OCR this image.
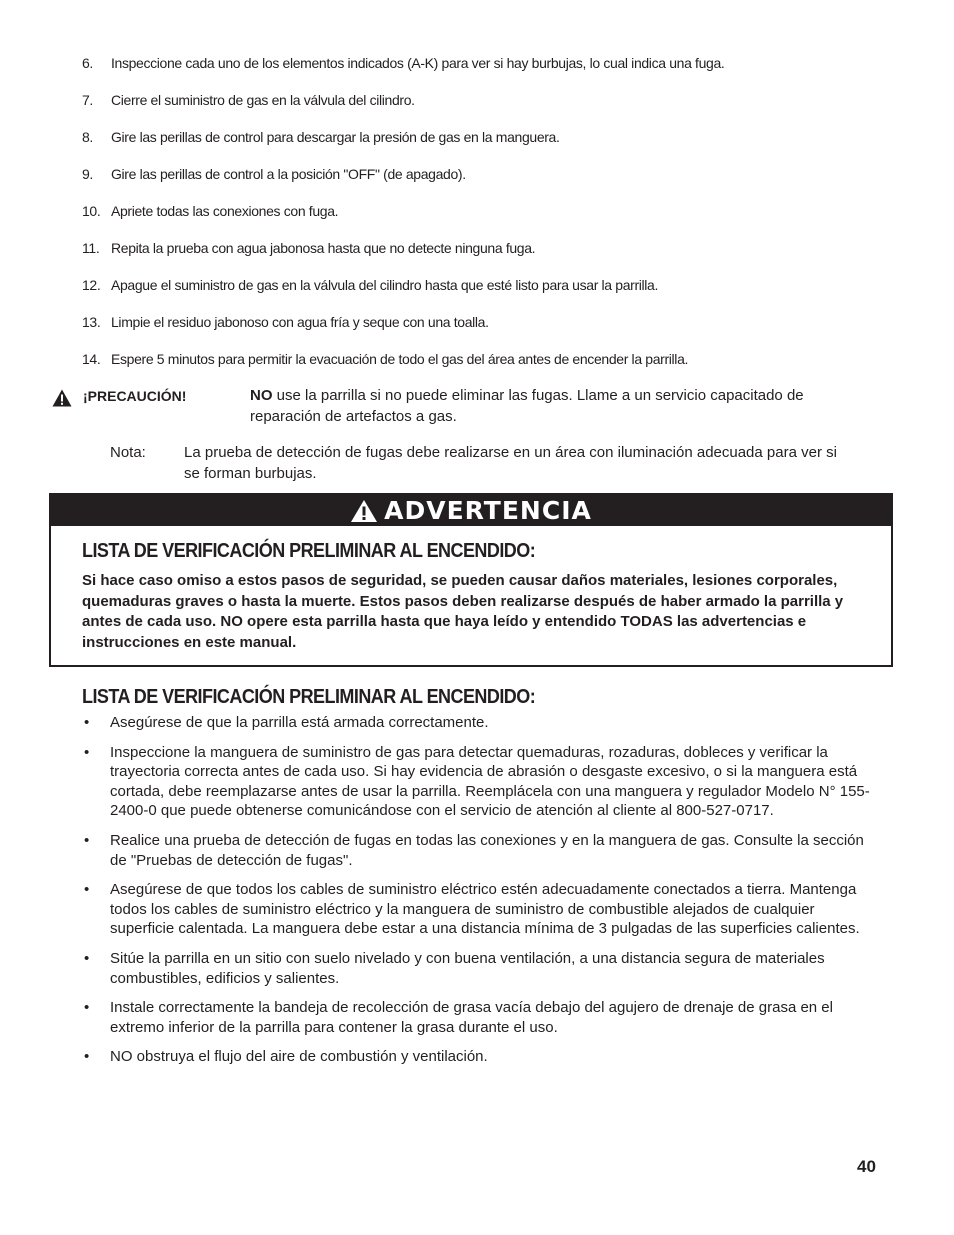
6.	Inspeccione cada uno de los elementos indicados (A-K) para ver si hay burbujas, lo cual indica una fuga.
7.	Cierre el suministro de gas en la válvula del cilindro.
8.	Gire las perillas de control para descargar la presión de gas en la manguera.
9.	Gire las perillas de control a la posición "OFF" (de apagado).
10. Apriete todas las conexiones con fuga.
11. Repita la prueba con agua jabonosa hasta que no detecte ninguna fuga.
12. Apague el suministro de gas en la válvula del cilindro hasta que esté listo para usar la parrilla.
13. Limpie el residuo jabonoso con agua fría y seque con una toalla.
14. Espere 5 minutos para permitir la evacuación de todo el gas del área antes de encender la parrilla.
¡PRECAUCIÓN!	NO use la parrilla si no puede eliminar las fugas. Llame a un servicio capacitado de reparación de artefactos a gas.
Nota:	La prueba de detección de fugas debe realizarse en un área con iluminación adecuada para ver si se forman burbujas.
ADVERTENCIA
LISTA DE VERIFICACIÓN PRELIMINAR AL ENCENDIDO:
Si hace caso omiso a estos pasos de seguridad, se pueden causar daños materiales, lesiones corporales, quemaduras graves o hasta la muerte. Estos pasos deben realizarse después de haber armado la parrilla y antes de cada uso. NO opere esta parrilla hasta que haya leído y entendido TODAS las advertencias e instrucciones en este manual.
LISTA DE VERIFICACIÓN PRELIMINAR AL ENCENDIDO:
• Asegúrese de que la parrilla está armada correctamente.
• Inspeccione la manguera de suministro de gas para detectar quemaduras, rozaduras, dobleces y verificar la trayectoria correcta antes de cada uso. Si hay evidencia de abrasión o desgaste excesivo, o si la manguera está cortada, debe reemplazarse antes de usar la parrilla. Reemplácela con una manguera y regulador Modelo N° 155-2400-0 que puede obtenerse comunicándose con el servicio de atención al cliente al 800-527-0717.
• Realice una prueba de detección de fugas en todas las conexiones y en la manguera de gas. Consulte la sección de "Pruebas de detección de fugas".
• Asegúrese de que todos los cables de suministro eléctrico estén adecuadamente conectados a tierra. Mantenga todos los cables de suministro eléctrico y la manguera de suministro de combustible alejados de cualquier superficie calentada. La manguera debe estar a una distancia mínima de 3 pulgadas de las superficies calientes.
• Sitúe la parrilla en un sitio con suelo nivelado y con buena ventilación, a una distancia segura de materiales combustibles, edificios y salientes.
• Instale correctamente la bandeja de recolección de grasa vacía debajo del agujero de drenaje de grasa en el extremo inferior de la parrilla para contener la grasa durante el uso.
• NO obstruya el flujo del aire de combustión y ventilación.
40
